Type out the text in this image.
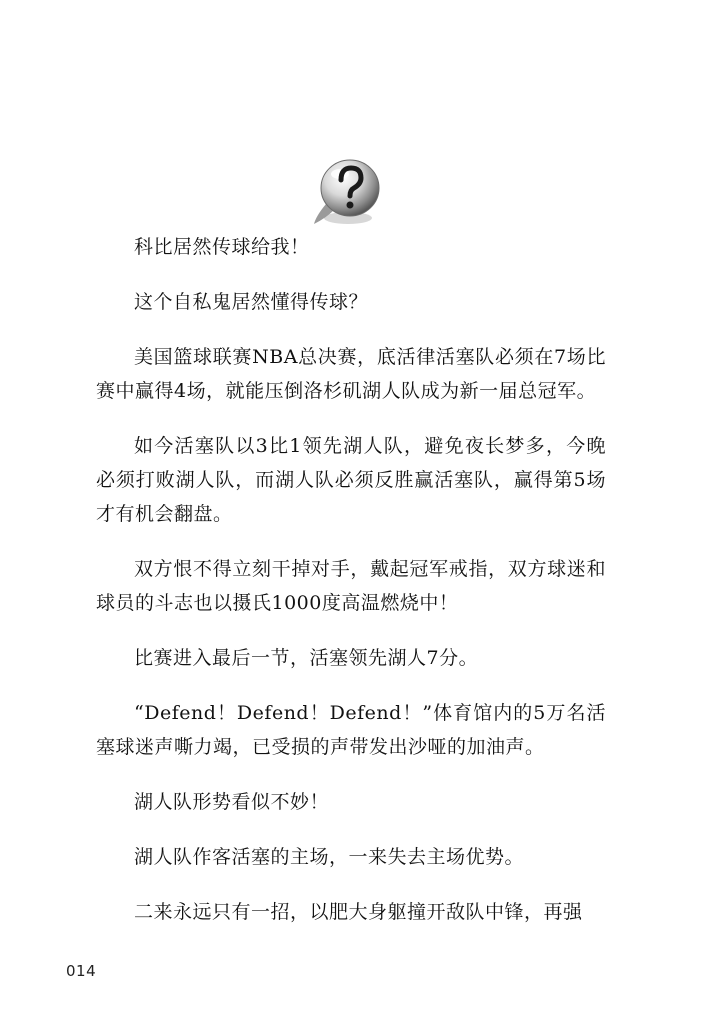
科比居然传球给我！

这个自私鬼居然懂得传球？

美国篮球联赛NBA总决赛，底活律活塞队必须在7场比赛中赢得4场，就能压倒洛杉矶湖人队成为新一届总冠军。

如今活塞队以3比1领先湖人队，避免夜长梦多，今晚必须打败湖人队，而湖人队必须反胜赢活塞队，赢得第5场才有机会翻盘。

双方恨不得立刻干掉对手，戴起冠军戒指，双方球迷和球员的斗志也以摄氏1000度高温燃烧中！

比赛进入最后一节，活塞领先湖人7分。

“Defend！Defend！Defend！”体育馆内的5万名活塞球迷声嘶力竭，已受损的声带发出沙哑的加油声。

湖人队形势看似不妙！

湖人队作客活塞的主场，一来失去主场优势。

二来永远只有一招，以肥大身躯撞开敌队中锋，再强

014
